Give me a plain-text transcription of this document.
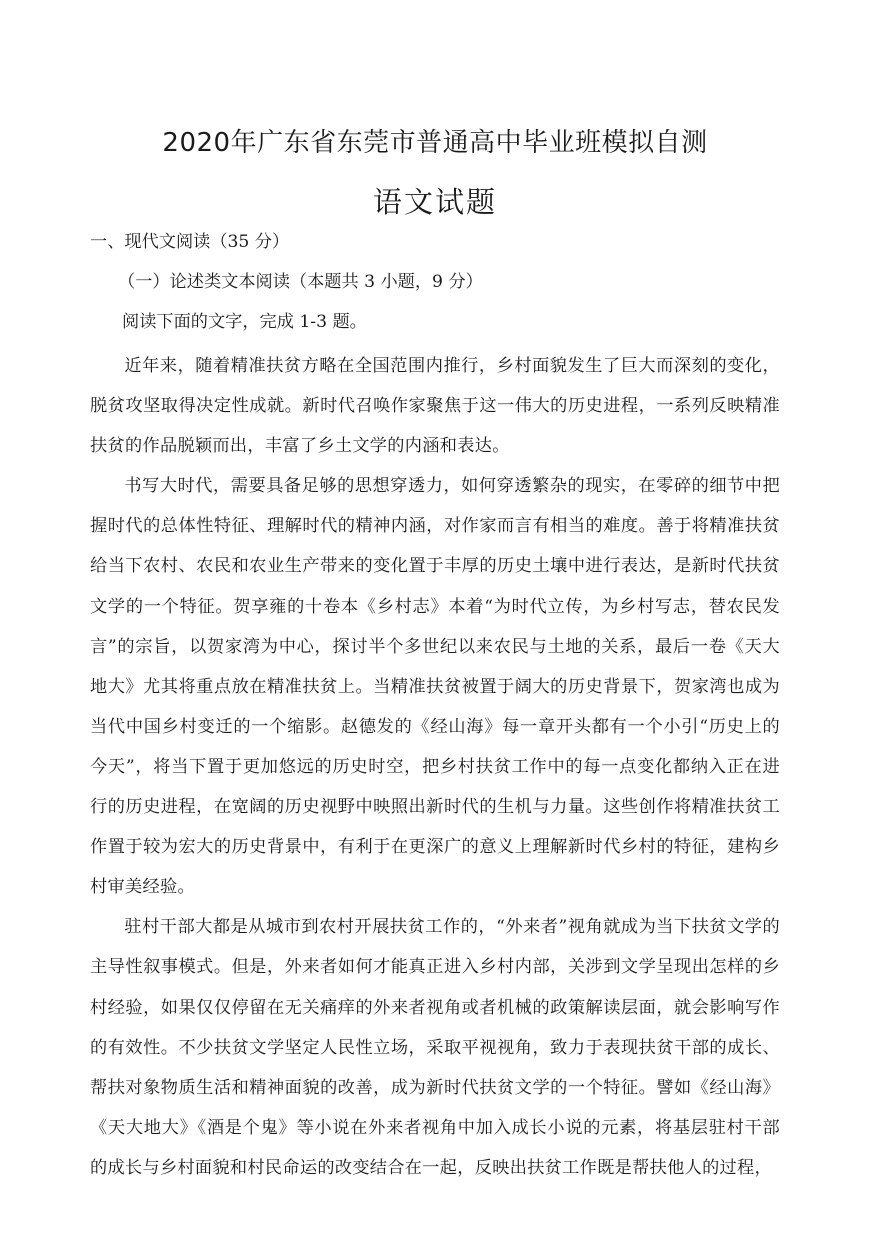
2020年广东省东莞市普通高中毕业班模拟自测
语文试题

一、现代文阅读（35 分）

（一）论述类文本阅读（本题共 3 小题，9 分）

阅读下面的文字，完成 1-3 题。

近年来，随着精准扶贫方略在全国范围内推行，乡村面貌发生了巨大而深刻的变化，脱贫攻坚取得决定性成就。新时代召唤作家聚焦于这一伟大的历史进程，一系列反映精准扶贫的作品脱颖而出，丰富了乡土文学的内涵和表达。

书写大时代，需要具备足够的思想穿透力，如何穿透繁杂的现实，在零碎的细节中把握时代的总体性特征、理解时代的精神内涵，对作家而言有相当的难度。善于将精准扶贫给当下农村、农民和农业生产带来的变化置于丰厚的历史土壤中进行表达，是新时代扶贫文学的一个特征。贺享雍的十卷本《乡村志》本着“为时代立传，为乡村写志，替农民发言”的宗旨，以贺家湾为中心，探讨半个多世纪以来农民与土地的关系，最后一卷《天大地大》尤其将重点放在精准扶贫上。当精准扶贫被置于阔大的历史背景下，贺家湾也成为当代中国乡村变迁的一个缩影。赵德发的《经山海》每一章开头都有一个小引“历史上的今天”，将当下置于更加悠远的历史时空，把乡村扶贫工作中的每一点变化都纳入正在进行的历史进程，在宽阔的历史视野中映照出新时代的生机与力量。这些创作将精准扶贫工作置于较为宏大的历史背景中，有利于在更深广的意义上理解新时代乡村的特征，建构乡村审美经验。

驻村干部大都是从城市到农村开展扶贫工作的，“外来者”视角就成为当下扶贫文学的主导性叙事模式。但是，外来者如何才能真正进入乡村内部，关涉到文学呈现出怎样的乡村经验，如果仅仅停留在无关痛痒的外来者视角或者机械的政策解读层面，就会影响写作的有效性。不少扶贫文学坚定人民性立场，采取平视视角，致力于表现扶贫干部的成长、帮扶对象物质生活和精神面貌的改善，成为新时代扶贫文学的一个特征。譬如《经山海》《天大地大》《酒是个鬼》等小说在外来者视角中加入成长小说的元素，将基层驻村干部的成长与乡村面貌和村民命运的改变结合在一起，反映出扶贫工作既是帮扶他人的过程，
